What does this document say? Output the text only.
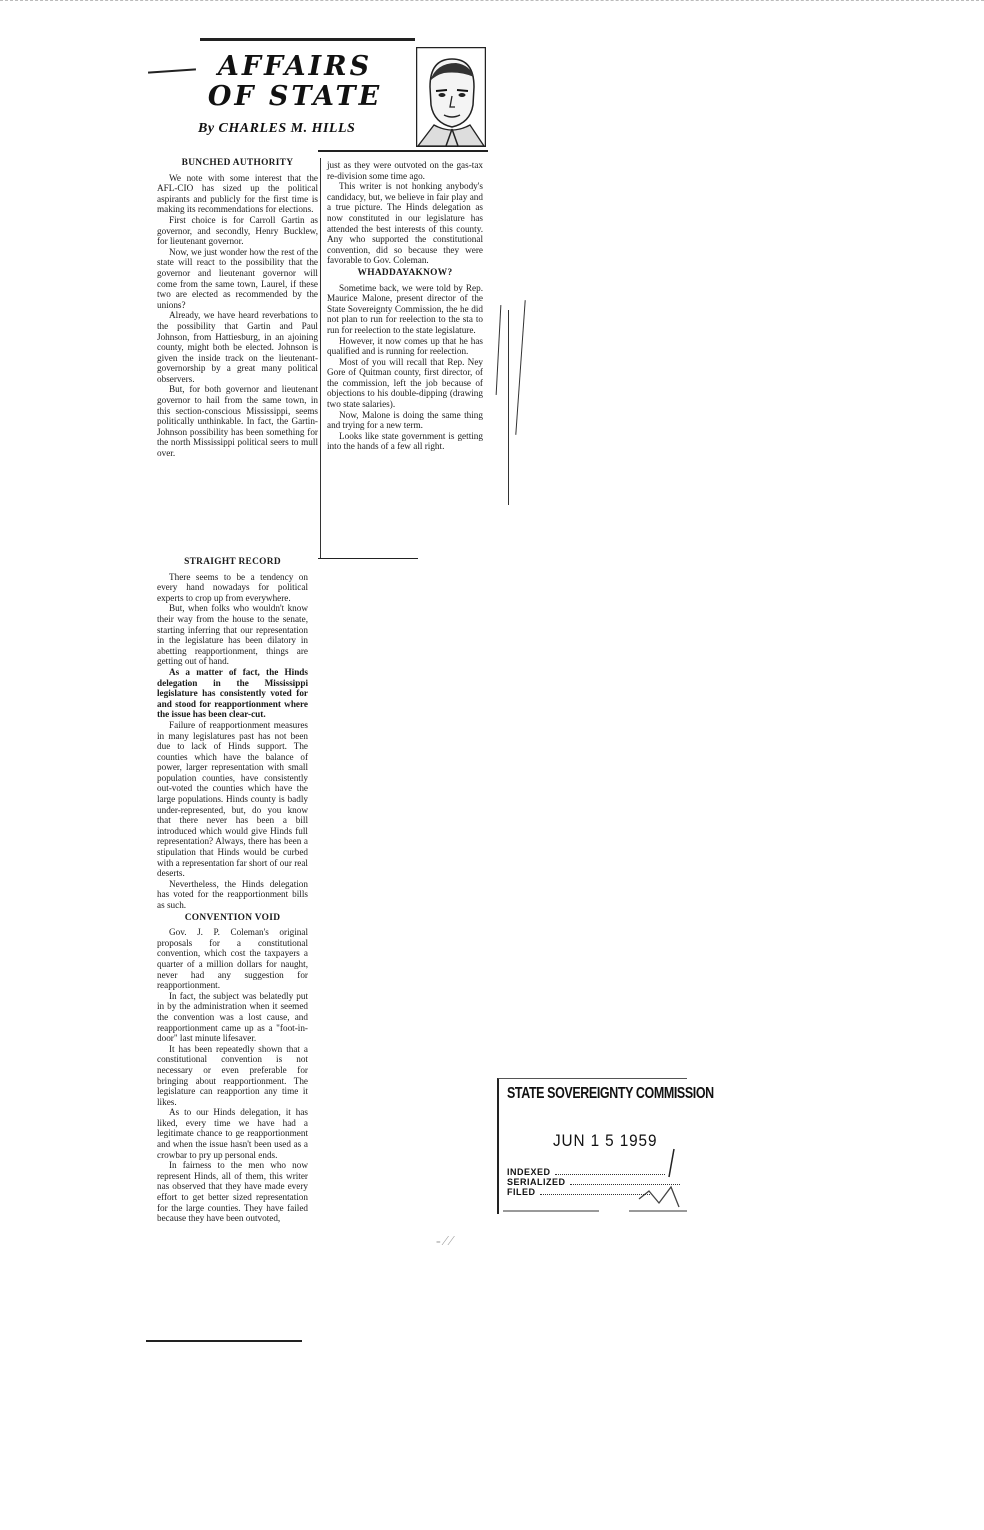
AFFAIRS
OF STATE
By CHARLES M. HILLS

BUNCHED AUTHORITY

We note with some interest that the AFL-CIO has sized up the political aspirants and publicly for the first time is making its recommendations for elections.

First choice is for Carroll Gartin as governor, and secondly, Henry Bucklew, for lieutenant governor.

Now, we just wonder how the rest of the state will react to the possibility that the governor and lieutenant governor will come from the same town, Laurel, if these two are elected as recommended by the unions?

Already, we have heard reverbations to the possibility that Gartin and Paul Johnson, from Hattiesburg, in an ajoining county, might both be elected. Johnson is given the inside track on the lieutenant-governorship by a great many political observers.

But, for both governor and lieutenant governor to hail from the same town, in this section-conscious Mississippi, seems politically unthinkable. In fact, the Gartin-Johnson possibility has been something for the north Mississippi political seers to mull over.

STRAIGHT RECORD

There seems to be a tendency on every hand nowadays for political experts to crop up from everywhere.

But, when folks who wouldn't know their way from the house to the senate, starting inferring that our representation in the legislature has been dilatory in abetting reapportionment, things are getting out of hand.

As a matter of fact, the Hinds delegation in the Mississippi legislature has consistently voted for and stood for reapportionment where the issue has been clear-cut.

Failure of reapportionment measures in many legislatures past has not been due to lack of Hinds support. The counties which have the balance of power, larger representation with small population counties, have consistently out-voted the counties which have the large populations. Hinds county is badly under-represented, but, do you know that there never has been a bill introduced which would give Hinds full representation? Always, there has been a stipulation that Hinds would be curbed with a representation far short of our real deserts.

Nevertheless, the Hinds delegation has voted for the reapportionment bills as such.

CONVENTION VOID

Gov. J. P. Coleman's original proposals for a constitutional convention, which cost the taxpayers a quarter of a million dollars for naught, never had any suggestion for reapportionment.

In fact, the subject was belatedly put in by the administration when it seemed the convention was a lost cause, and reapportionment came up as a "foot-in-door" last minute lifesaver.

It has been repeatedly shown that a constitutional convention is not necessary or even preferable for bringing about reapportionment. The legislature can reapportion any time it likes.

As to our Hinds delegation, it has liked, every time we have had a legitimate chance to ge reapportionment and when the issue hasn't been used as a crowbar to pry up personal ends.

In fairness to the men who now represent Hinds, all of them, this writer nas observed that they have made every effort to get better sized representation for the large counties. They have failed because they have been outvoted,

just as they were outvoted on the gas-tax re-division some time ago.

This writer is not honking anybody's candidacy, but, we believe in fair play and a true picture. The Hinds delegation as now constituted in our legislature has attended the best interests of this county. Any who supported the constitutional convention, did so because they were favorable to Gov. Coleman.

WHADDAYAKNOW?

Sometime back, we were told by Rep. Maurice Malone, present director of the State Sovereignty Commission, the he did not plan to run for reelection to the sta to run for reelection to the state legislature.

However, it now comes up that he has qualified and is running for reelection.

Most of you will recall that Rep. Ney Gore of Quitman county, first director, of the commission, left the job because of objections to his double-dipping (drawing two state salaries).

Now, Malone is doing the same thing and trying for a new term.

Looks like state government is getting into the hands of a few all right.

STATE SOVEREIGNTY COMMISSION
JUN 1 5 1959
INDEXED
SERIALIZED
FILED
- ⁄ ⁄
